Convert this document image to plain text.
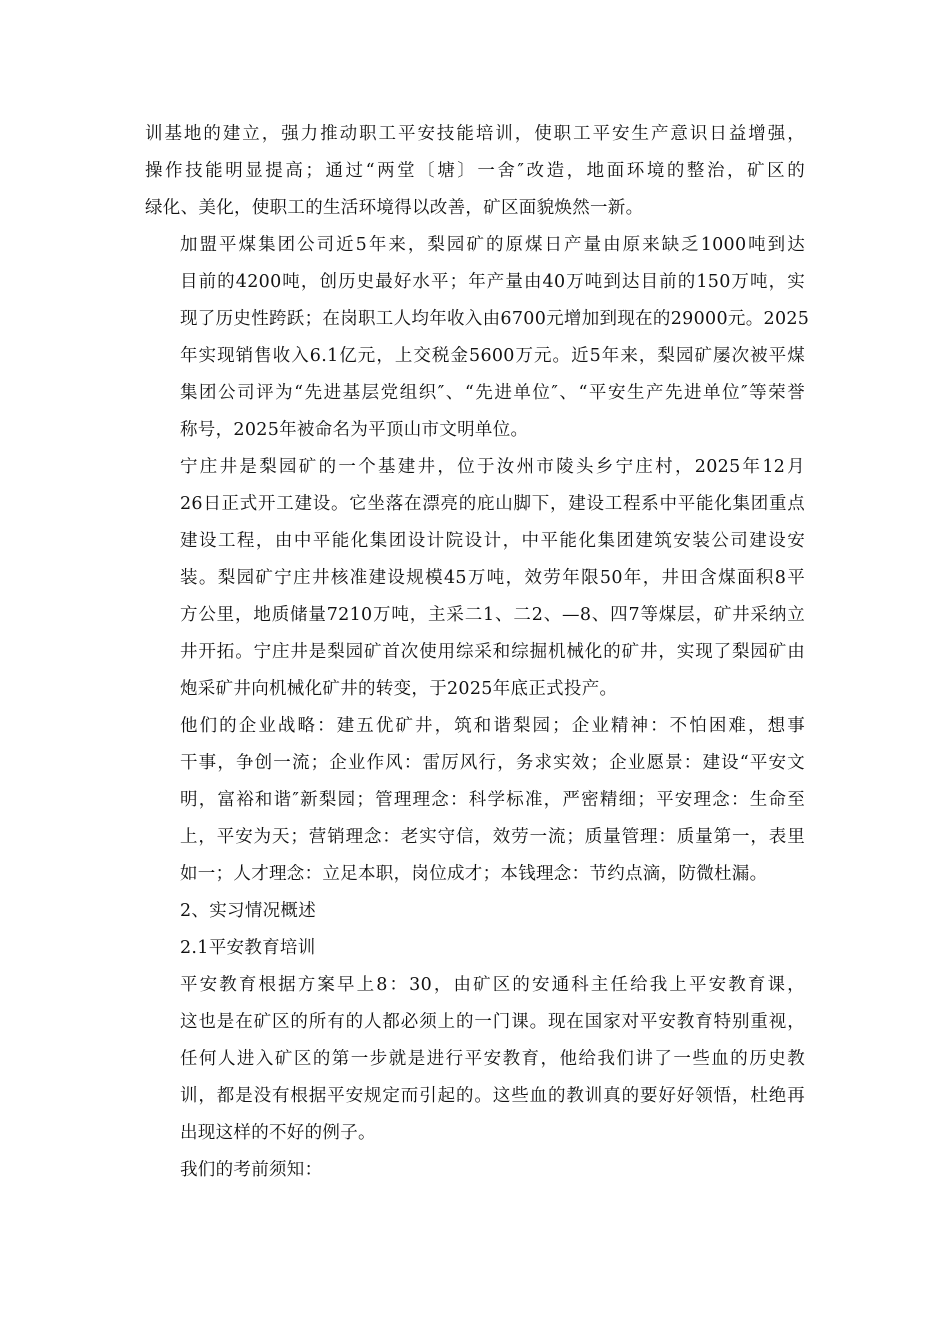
训基地的建立，强力推动职工平安技能培训，使职工平安生产意识日益增强，
操作技能明显提高；通过“两堂〔塘〕一舍″改造，地面环境的整治，矿区的
绿化、美化，使职工的生活环境得以改善，矿区面貌焕然一新。
加盟平煤集团公司近5年来，梨园矿的原煤日产量由原来缺乏1000吨到达
目前的4200吨，创历史最好水平；年产量由40万吨到达目前的150万吨，实
现了历史性跨跃；在岗职工人均年收入由6700元增加到现在的29000元。2025
年实现销售收入6.1亿元，上交税金5600万元。近5年来，梨园矿屡次被平煤
集团公司评为“先进基层党组织″、“先进单位″、“平安生产先进单位″等荣誉
称号，2025年被命名为平顶山市文明单位。
宁庄井是梨园矿的一个基建井，位于汝州市陵头乡宁庄村，2025年12月
26日正式开工建设。它坐落在漂亮的庇山脚下，建设工程系中平能化集团重点
建设工程，由中平能化集团设计院设计，中平能化集团建筑安装公司建设安
装。梨园矿宁庄井核准建设规模45万吨，效劳年限50年，井田含煤面积8平
方公里，地质储量7210万吨，主采二1、二2、—8、四7等煤层，矿井采纳立
井开拓。宁庄井是梨园矿首次使用综采和综掘机械化的矿井，实现了梨园矿由
炮采矿井向机械化矿井的转变，于2025年底正式投产。
他们的企业战略：建五优矿井，筑和谐梨园；企业精神：不怕困难，想事
干事，争创一流；企业作风：雷厉风行，务求实效；企业愿景：建设“平安文
明，富裕和谐″新梨园；管理理念：科学标准，严密精细；平安理念：生命至
上，平安为天；营销理念：老实守信，效劳一流；质量管理：质量第一，表里
如一；人才理念：立足本职，岗位成才；本钱理念：节约点滴，防微杜漏。

2、实习情况概述

2.1平安教育培训

平安教育根据方案早上8：30，由矿区的安通科主任给我上平安教育课，
这也是在矿区的所有的人都必须上的一门课。现在国家对平安教育特别重视，
任何人进入矿区的第一步就是进行平安教育，他给我们讲了一些血的历史教
训，都是没有根据平安规定而引起的。这些血的教训真的要好好领悟，杜绝再
出现这样的不好的例子。
我们的考前须知：
